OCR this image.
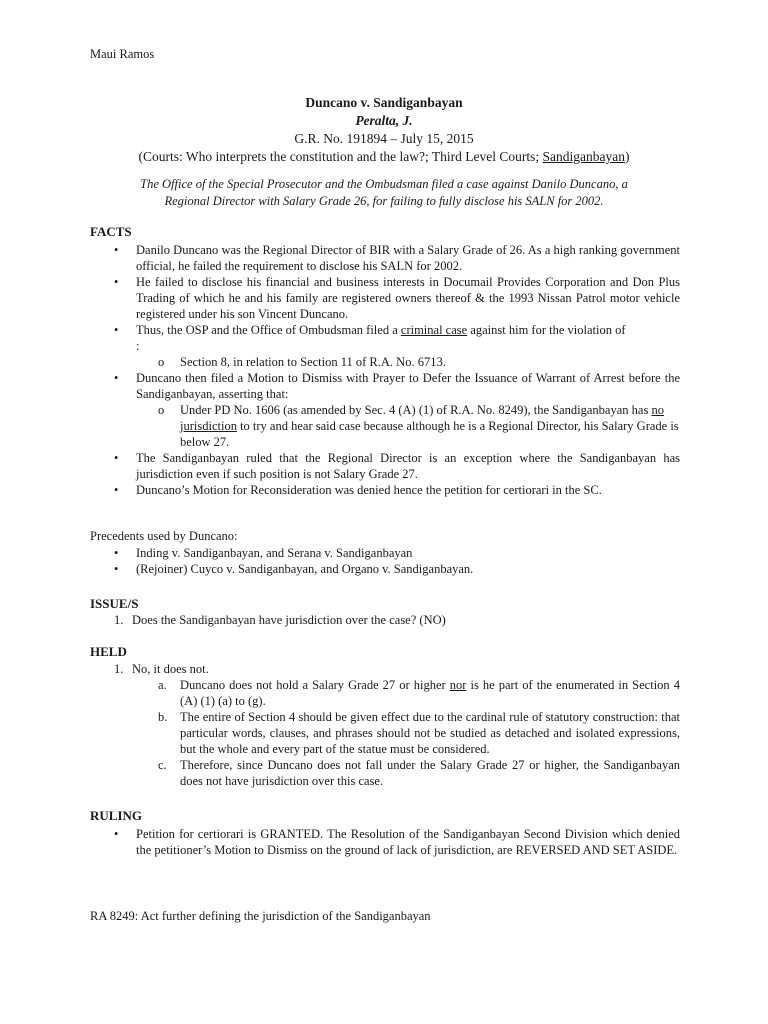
Maui Ramos
Duncano v. Sandiganbayan
Peralta, J.
G.R. No. 191894 – July 15, 2015
(Courts: Who interprets the constitution and the law?; Third Level Courts; Sandiganbayan)
The Office of the Special Prosecutor and the Ombudsman filed a case against Danilo Duncano, a
Regional Director with Salary Grade 26, for failing to fully disclose his SALN for 2002.
FACTS
• Danilo Duncano was the Regional Director of BIR with a Salary Grade of 26. As a high ranking government official, he failed the requirement to disclose his SALN for 2002.
• He failed to disclose his financial and business interests in Documail Provides Corporation and Don Plus Trading of which he and his family are registered owners thereof & the 1993 Nissan Patrol motor vehicle registered under his son Vincent Duncano.
• Thus, the OSP and the Office of Ombudsman filed a criminal case against him for the violation of
:
o Section 8, in relation to Section 11 of R.A. No. 6713.
• Duncano then filed a Motion to Dismiss with Prayer to Defer the Issuance of Warrant of Arrest before the Sandiganbayan, asserting that:
o Under PD No. 1606 (as amended by Sec. 4 (A) (1) of R.A. No. 8249), the Sandiganbayan has no jurisdiction to try and hear said case because although he is a Regional Director, his Salary Grade is below 27.
• The Sandiganbayan ruled that the Regional Director is an exception where the Sandiganbayan has jurisdiction even if such position is not Salary Grade 27.
• Duncano’s Motion for Reconsideration was denied hence the petition for certiorari in the SC.
Precedents used by Duncano:
• Inding v. Sandiganbayan, and Serana v. Sandiganbayan
• (Rejoiner) Cuyco v. Sandiganbayan, and Organo v. Sandiganbayan.
ISSUE/S
1. Does the Sandiganbayan have jurisdiction over the case? (NO)
HELD
1. No, it does not.
a. Duncano does not hold a Salary Grade 27 or higher nor is he part of the enumerated in Section 4 (A) (1) (a) to (g).
b. The entire of Section 4 should be given effect due to the cardinal rule of statutory construction: that particular words, clauses, and phrases should not be studied as detached and isolated expressions, but the whole and every part of the statue must be considered.
c. Therefore, since Duncano does not fall under the Salary Grade 27 or higher, the Sandiganbayan does not have jurisdiction over this case.
RULING
• Petition for certiorari is GRANTED. The Resolution of the Sandiganbayan Second Division which denied the petitioner’s Motion to Dismiss on the ground of lack of jurisdiction, are REVERSED AND SET ASIDE.
RA 8249: Act further defining the jurisdiction of the Sandiganbayan
